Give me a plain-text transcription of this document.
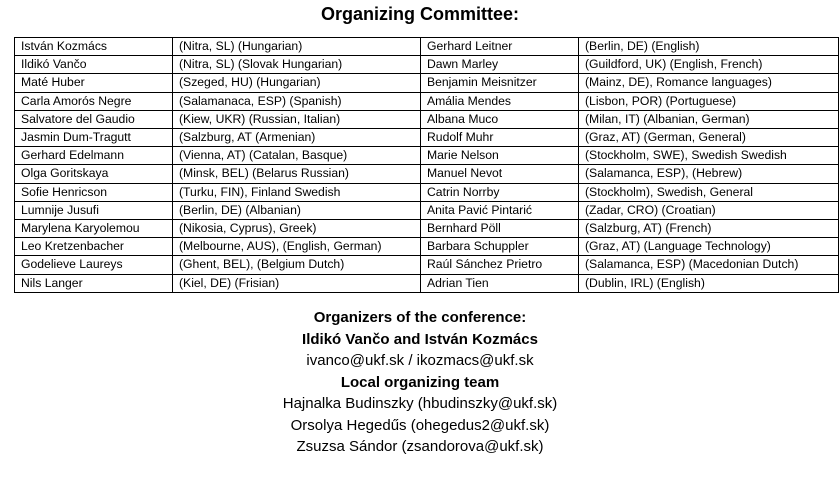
Organizing Committee:
István Kozmács	(Nitra, SL) (Hungarian)	Gerhard Leitner	(Berlin, DE) (English)
Ildikó Vančo	(Nitra, SL) (Slovak Hungarian)	Dawn Marley	(Guildford, UK) (English, French)
Maté Huber	(Szeged, HU) (Hungarian)	Benjamin Meisnitzer	(Mainz, DE), Romance languages)
Carla Amorós Negre	(Salamanaca, ESP) (Spanish)	Amália Mendes	(Lisbon, POR) (Portuguese)
Salvatore del Gaudio	(Kiew, UKR) (Russian, Italian)	Albana Muco	(Milan, IT) (Albanian, German)
Jasmin Dum-Tragutt	(Salzburg, AT (Armenian)	Rudolf Muhr	(Graz, AT) (German, General)
Gerhard Edelmann	(Vienna, AT) (Catalan, Basque)	Marie Nelson	(Stockholm, SWE), Swedish Swedish
Olga Goritskaya	(Minsk, BEL) (Belarus Russian)	Manuel Nevot	(Salamanca, ESP), (Hebrew)
Sofie Henricson	(Turku, FIN), Finland Swedish	Catrin Norrby	(Stockholm), Swedish, General
Lumnije Jusufi	(Berlin, DE) (Albanian)	Anita Pavić Pintarić	(Zadar, CRO) (Croatian)
Marylena Karyolemou	(Nikosia, Cyprus), Greek)	Bernhard Pöll	(Salzburg, AT) (French)
Leo Kretzenbacher	(Melbourne, AUS), (English, German)	Barbara Schuppler	(Graz, AT) (Language Technology)
Godelieve Laureys	(Ghent, BEL), (Belgium Dutch)	Raúl Sánchez Prietro	(Salamanca, ESP) (Macedonian Dutch)
Nils Langer	(Kiel, DE) (Frisian)	Adrian Tien	(Dublin, IRL) (English)
Organizers of the conference:
Ildikó Vančo and István Kozmács
ivanco@ukf.sk / ikozmacs@ukf.sk
Local organizing team
Hajnalka Budinszky (hbudinszky@ukf.sk)
Orsolya Hegedűs (ohegedus2@ukf.sk)
Zsuzsa Sándor (zsandorova@ukf.sk)
